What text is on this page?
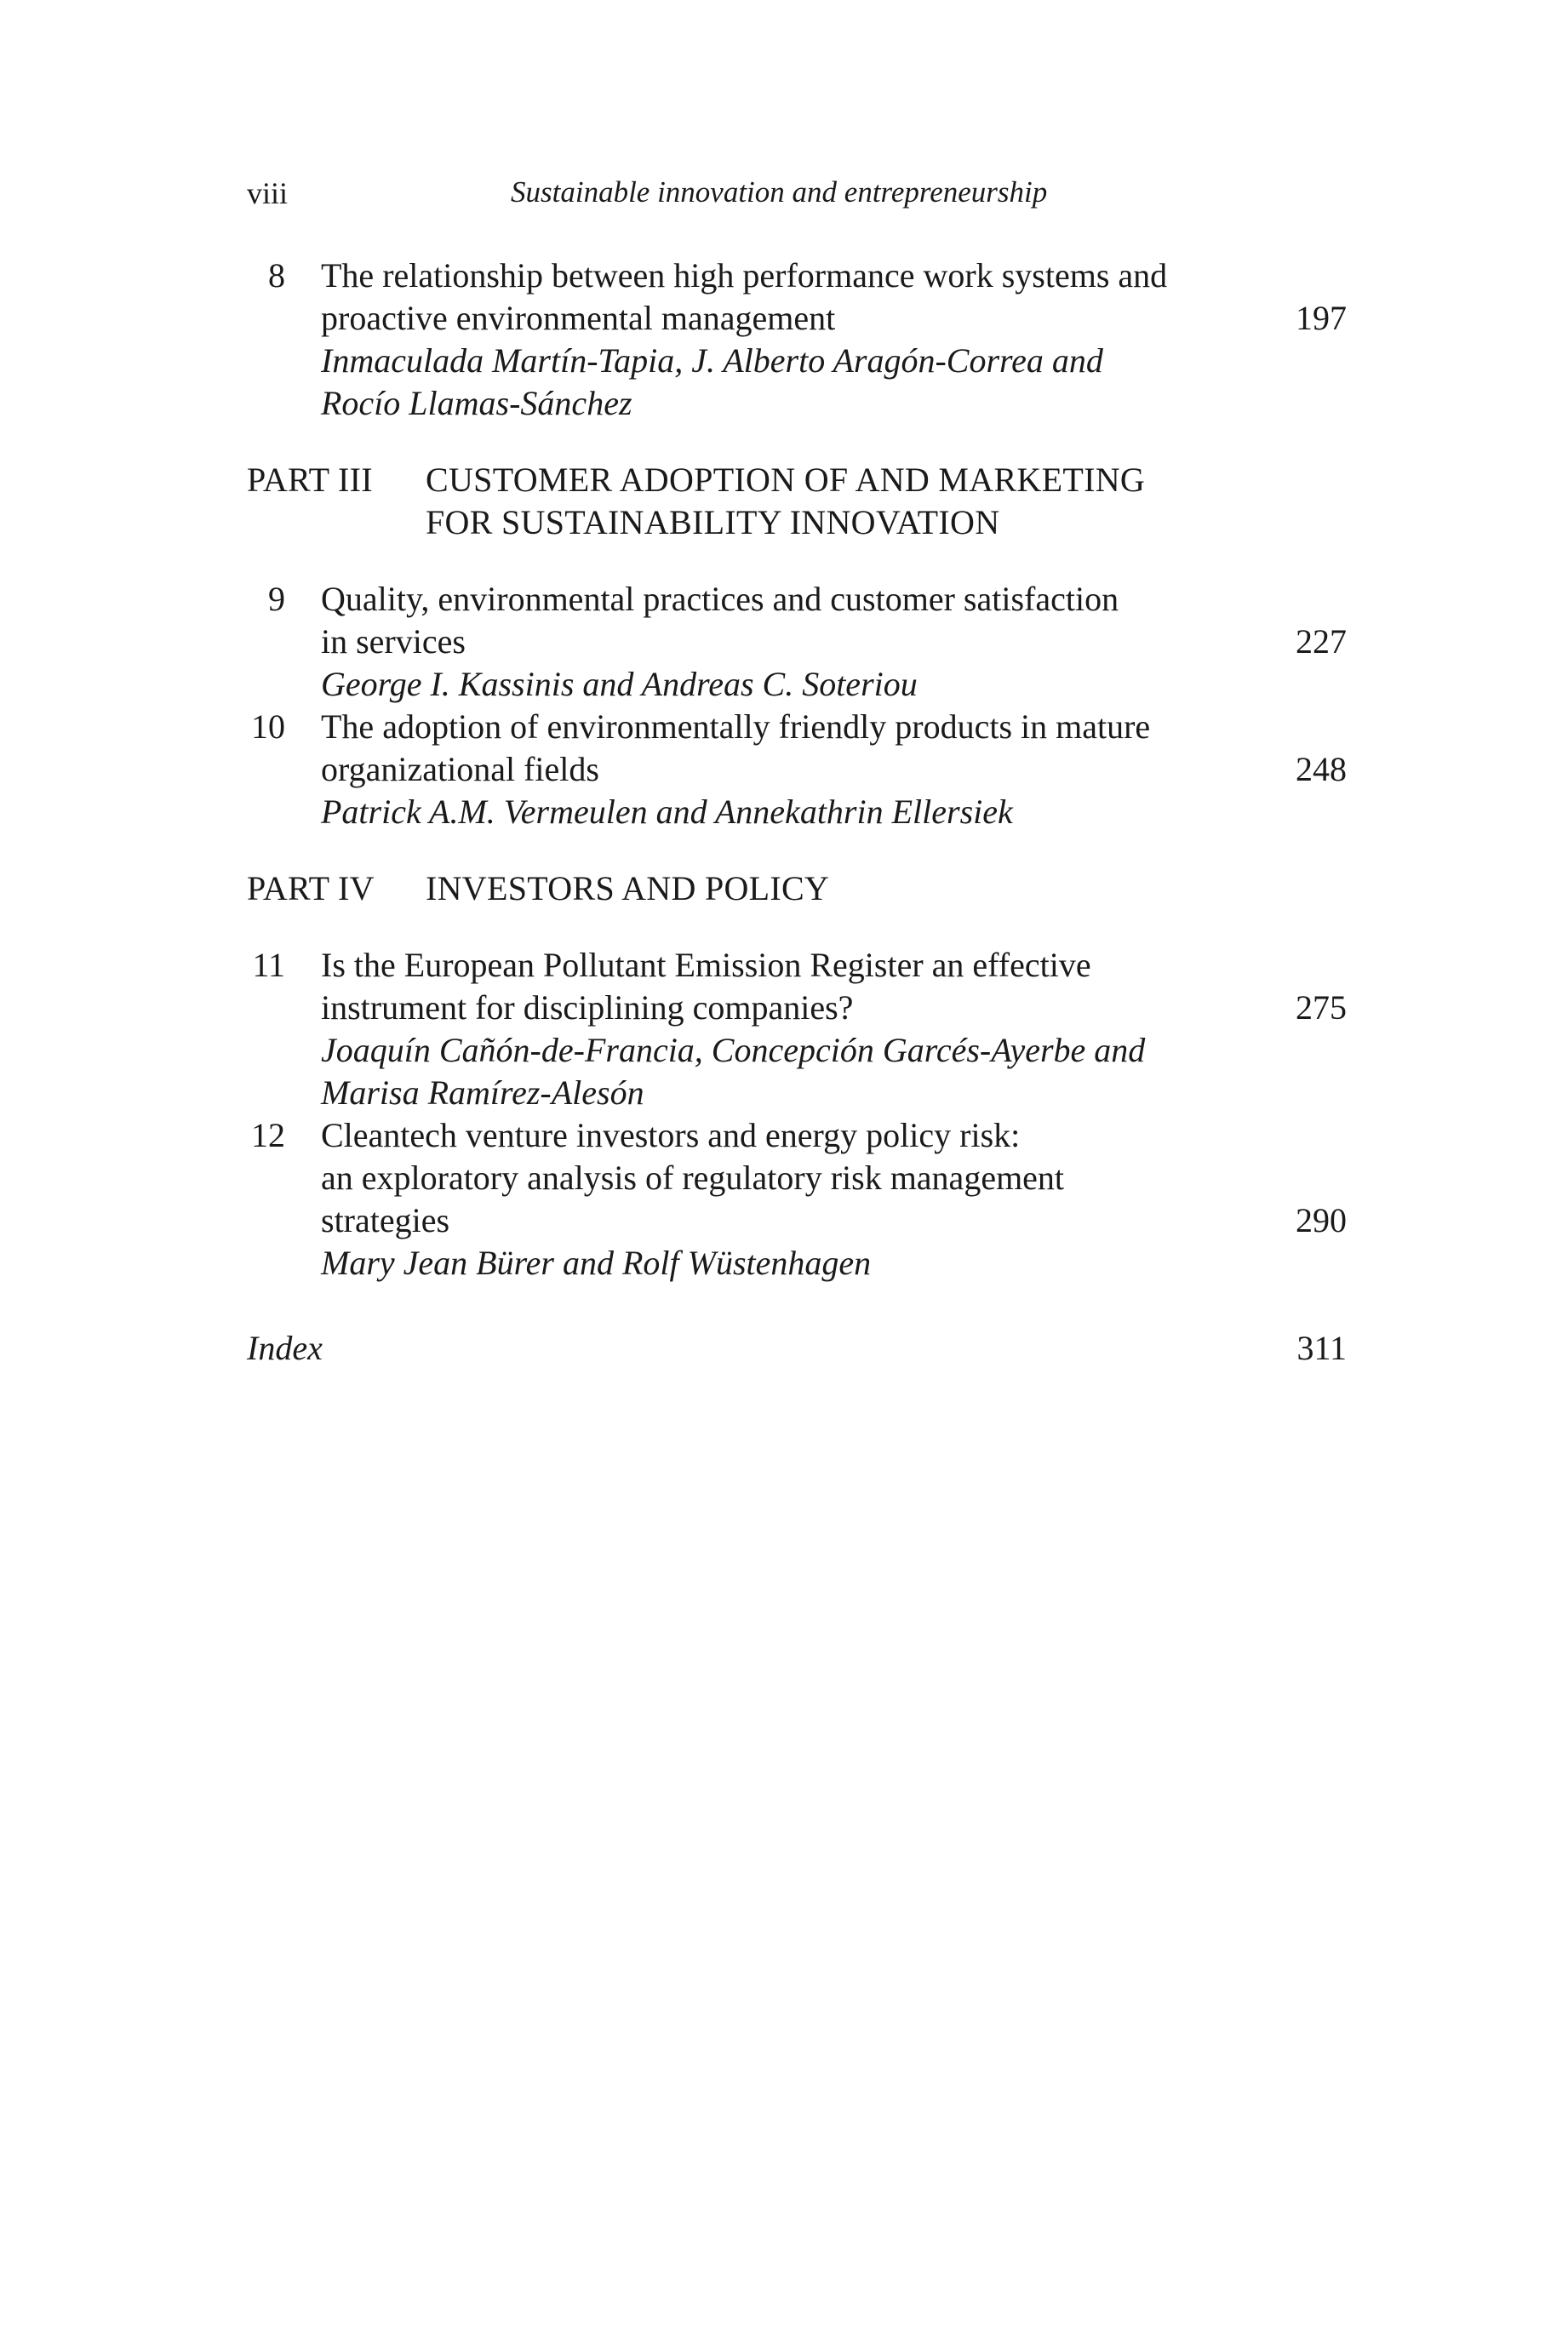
viii	Sustainable innovation and entrepreneurship
8 The relationship between high performance work systems and
proactive environmental management	197
Inmaculada Martín-Tapia, J. Alberto Aragón-Correa and
Rocío Llamas-Sánchez
PART III CUSTOMER ADOPTION OF AND MARKETING
FOR SUSTAINABILITY INNOVATION
9 Quality, environmental practices and customer satisfaction
in services	227
George I. Kassinis and Andreas C. Soteriou
10 The adoption of environmentally friendly products in mature
organizational fields	248
Patrick A.M. Vermeulen and Annekathrin Ellersiek
PART IV INVESTORS AND POLICY
11 Is the European Pollutant Emission Register an effective
instrument for disciplining companies?	275
Joaquín Cañón-de-Francia, Concepción Garcés-Ayerbe and
Marisa Ramírez-Alesón
12 Cleantech venture investors and energy policy risk:
an exploratory analysis of regulatory risk management
strategies	290
Mary Jean Bürer and Rolf Wüstenhagen
Index	311
